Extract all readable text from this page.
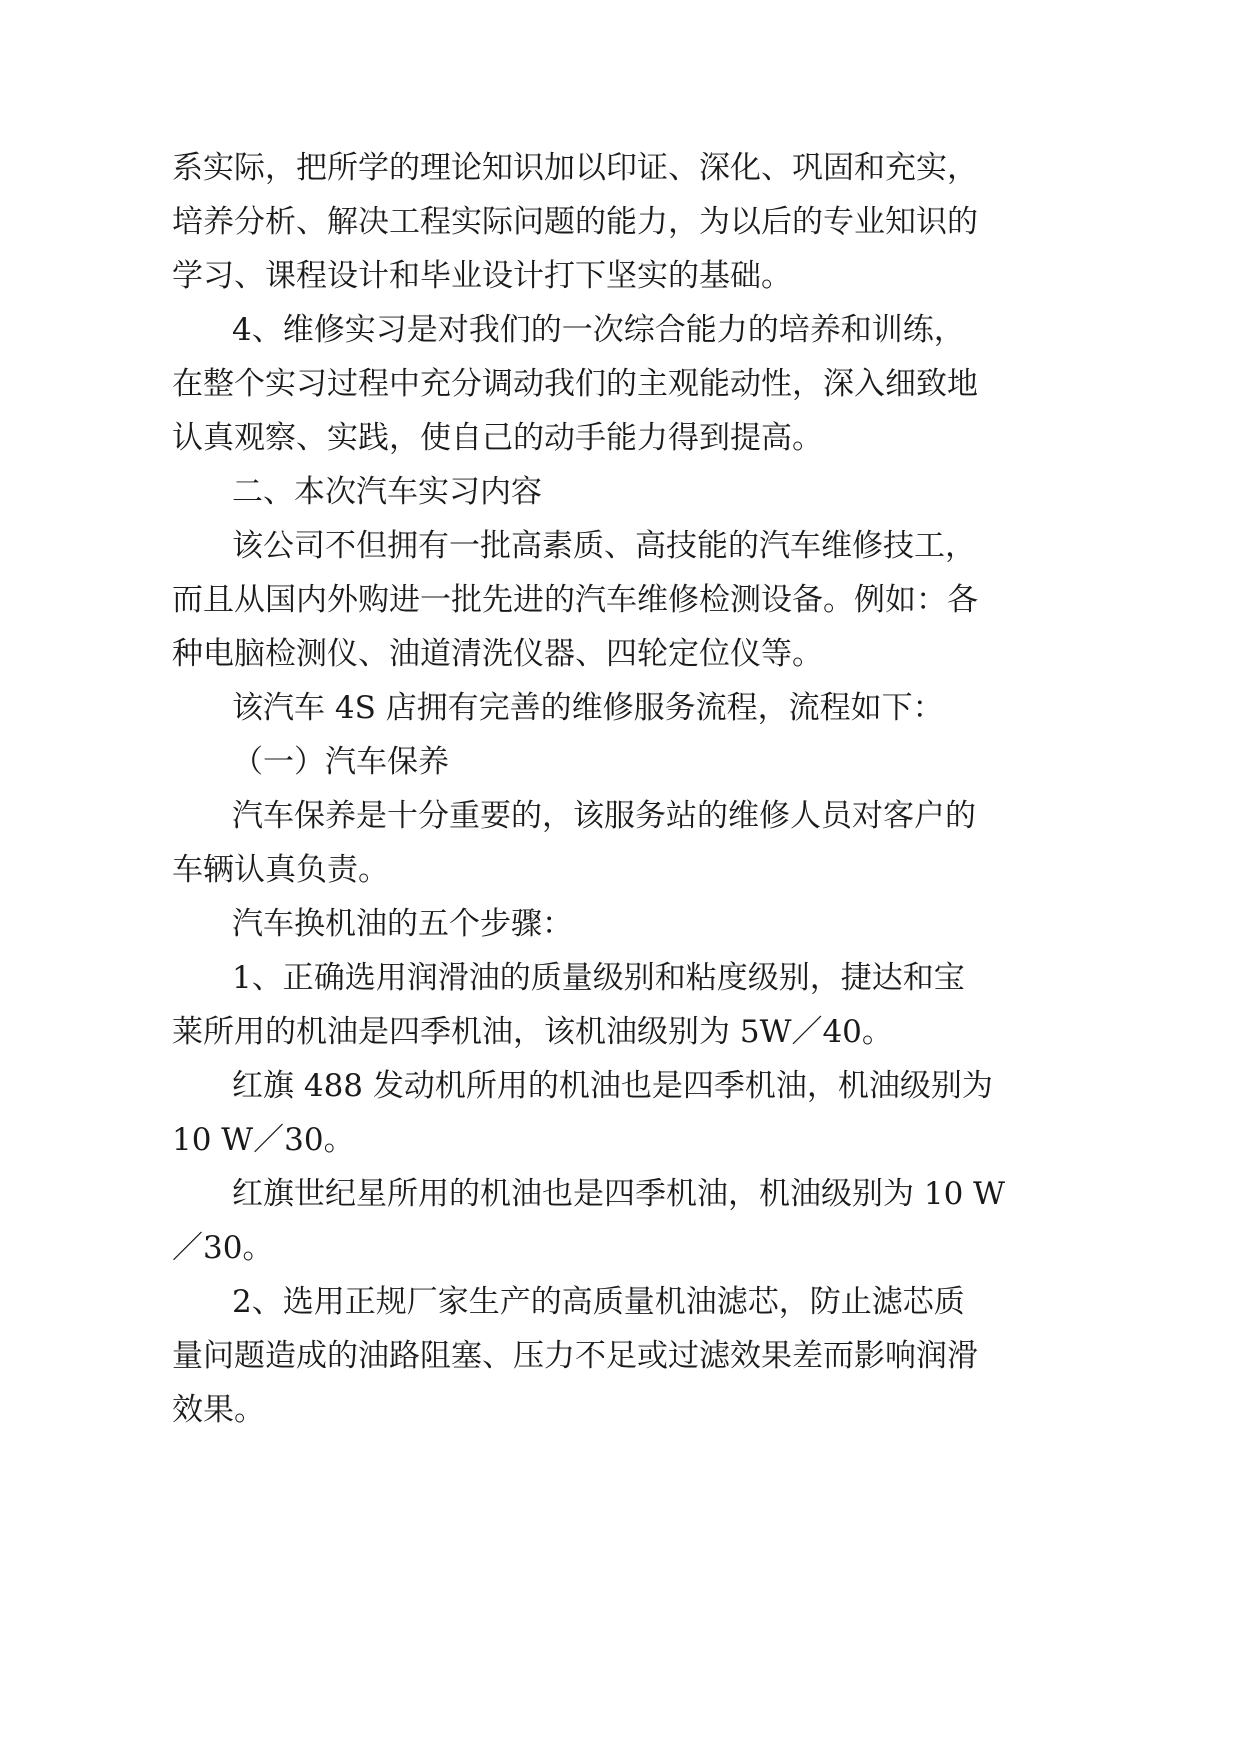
系实际，把所学的理论知识加以印证、深化、巩固和充实，
培养分析、解决工程实际问题的能力，为以后的专业知识的
学习、课程设计和毕业设计打下坚实的基础。
4、维修实习是对我们的一次综合能力的培养和训练，
在整个实习过程中充分调动我们的主观能动性，深入细致地
认真观察、实践，使自己的动手能力得到提高。
二、本次汽车实习内容
该公司不但拥有一批高素质、高技能的汽车维修技工，
而且从国内外购进一批先进的汽车维修检测设备。例如：各
种电脑检测仪、油道清洗仪器、四轮定位仪等。
该汽车 4S 店拥有完善的维修服务流程，流程如下：
（一）汽车保养
汽车保养是十分重要的，该服务站的维修人员对客户的
车辆认真负责。
汽车换机油的五个步骤：
1、正确选用润滑油的质量级别和粘度级别，捷达和宝
莱所用的机油是四季机油，该机油级别为 5W／40。
红旗 488 发动机所用的机油也是四季机油，机油级别为
10 W／30。
红旗世纪星所用的机油也是四季机油，机油级别为 10 W
／30。
2、选用正规厂家生产的高质量机油滤芯，防止滤芯质
量问题造成的油路阻塞、压力不足或过滤效果差而影响润滑
效果。
